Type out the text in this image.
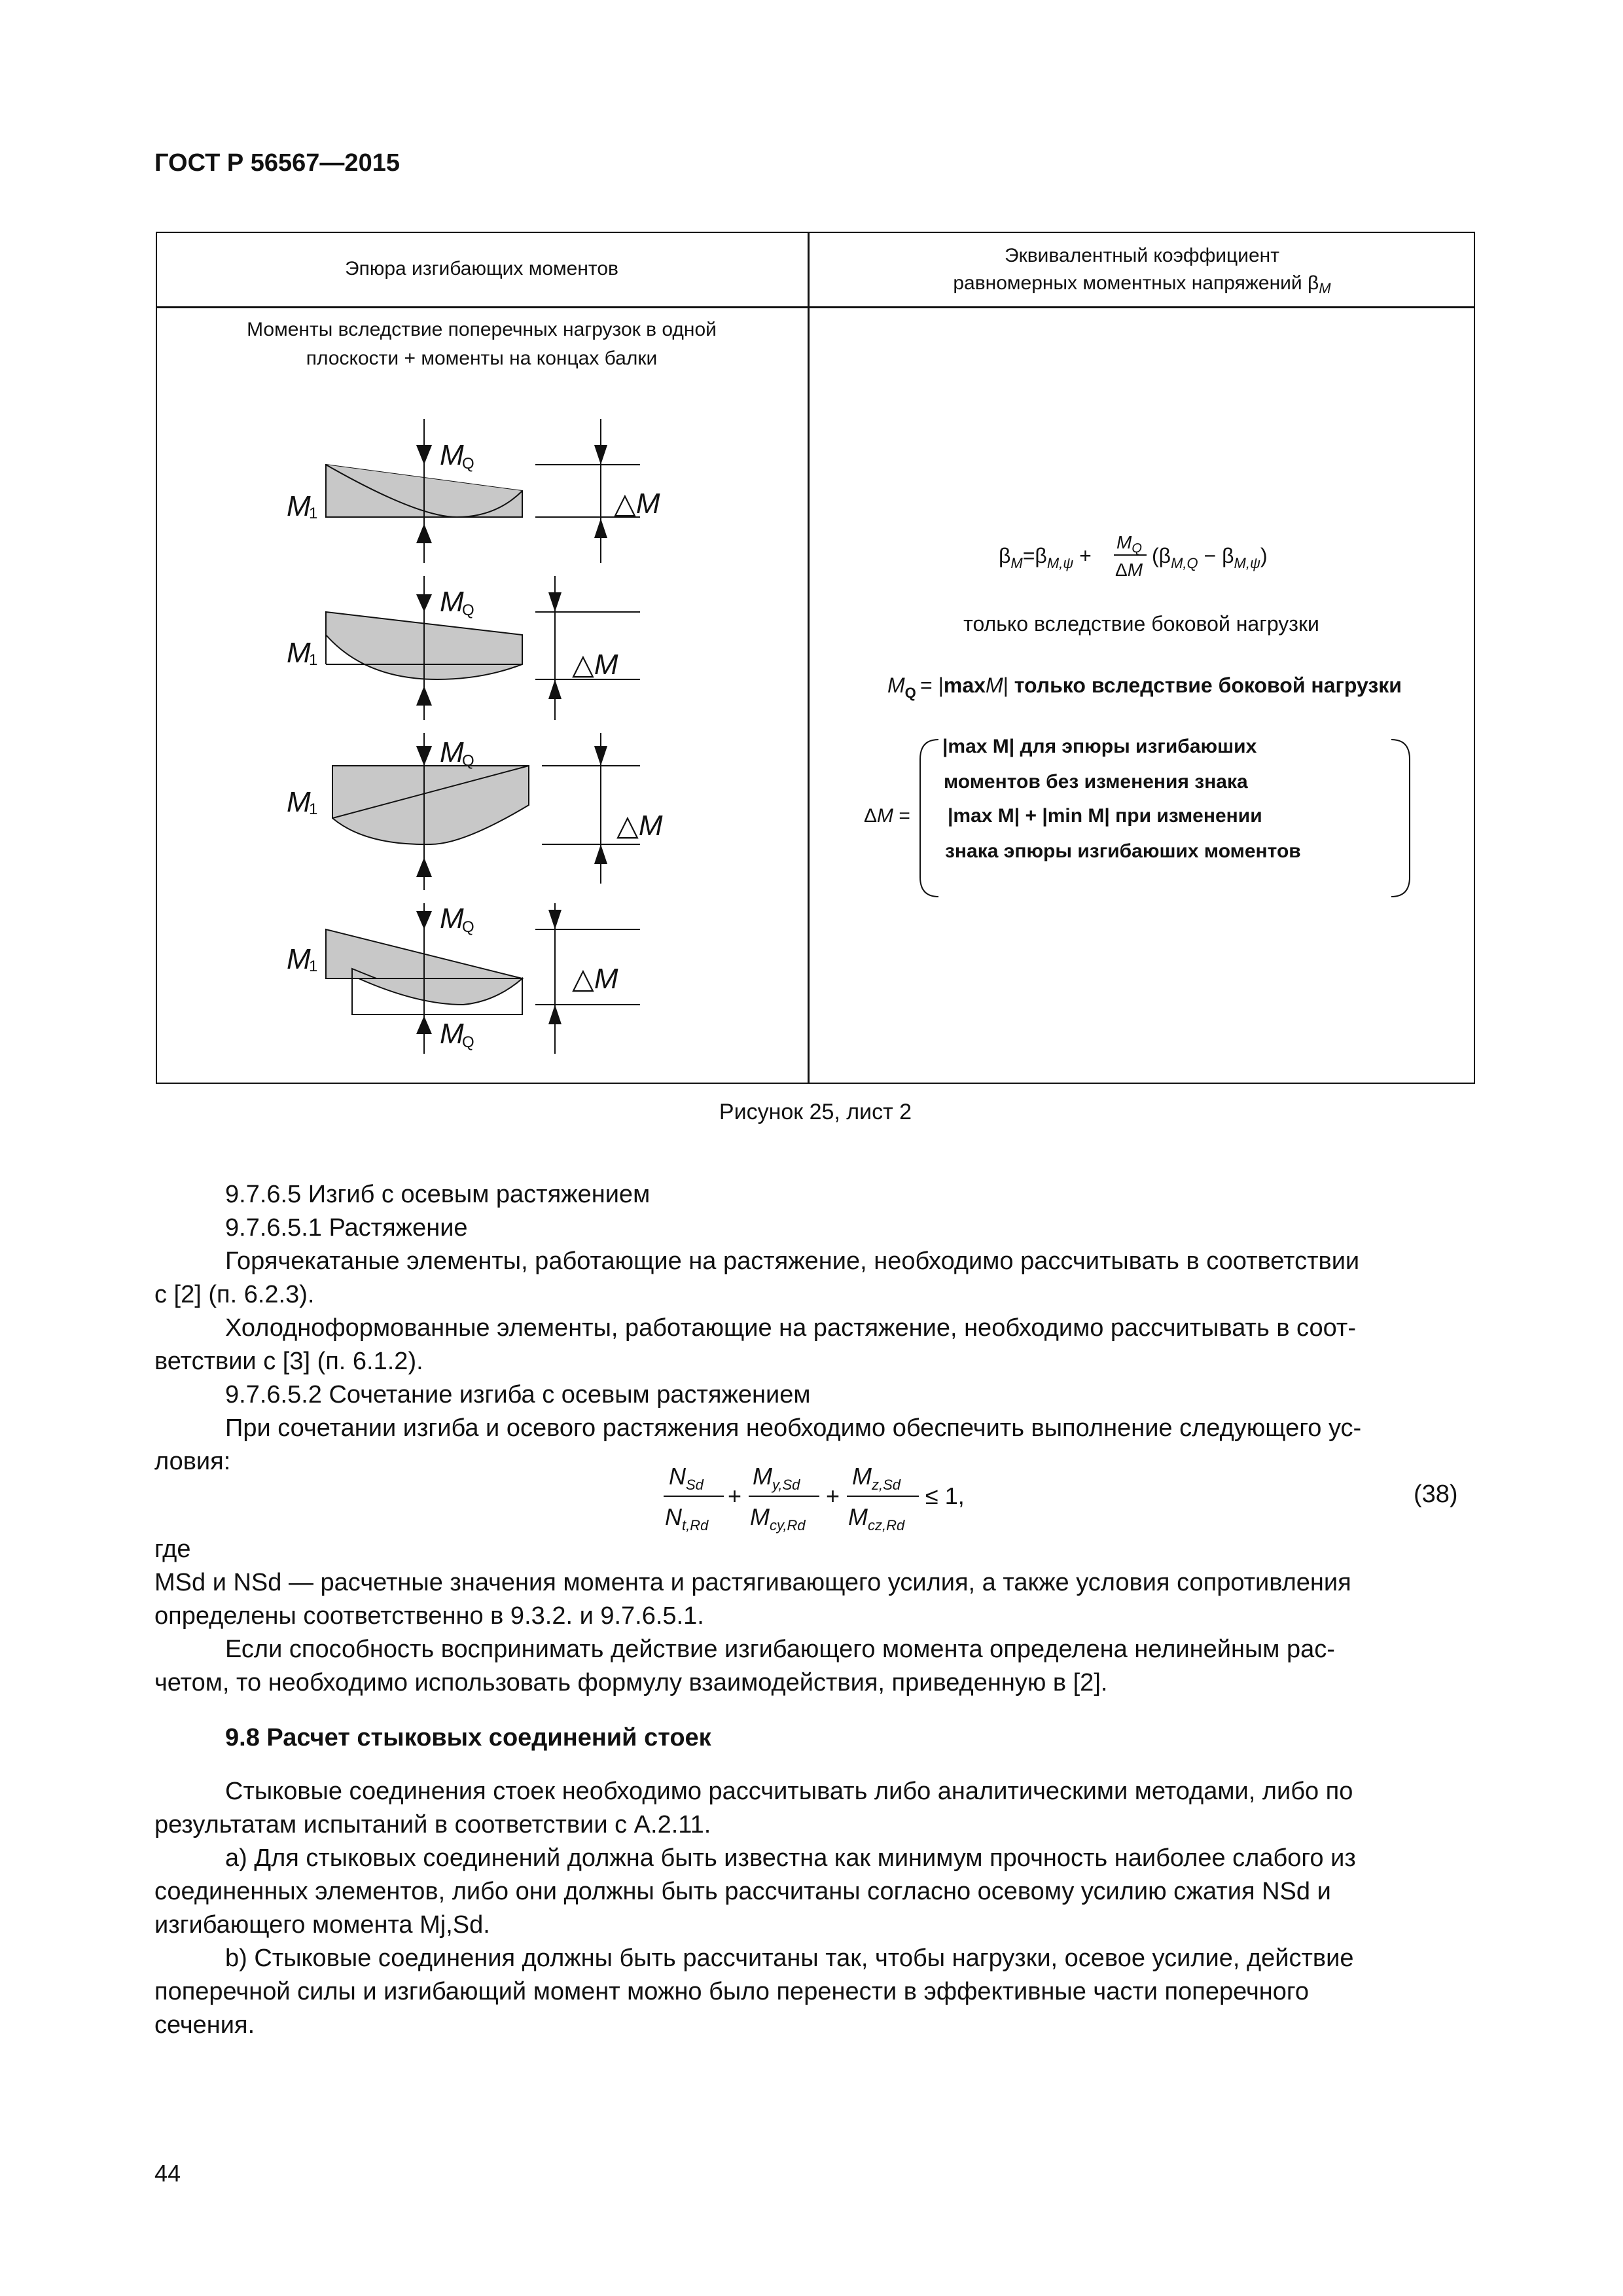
ГОСТ Р 56567—2015
Эпюра изгибающих моментов
Эквивалентный коэффициент
равномерных моментных напряжений $\beta_M$
Моменты вследствие поперечных нагрузок в одной
плоскости + моменты на концах балки
M
1
M
Q
△M
M
1
M
Q
△M
M
1
M
Q
△M
M
1
M
Q
△M
M
Q
$\beta_M=\beta_{M,\psi}$ +
$M_Q$
ΔM
$(\beta_{M,Q} - \beta_{M,\psi})$
только вследствие боковой нагрузки
$M_Q = |\max M|$ только вследствие боковой нагрузки
ΔM =
|max M| для эпюры изгибаюших
моментов без изменения знака
|max M| + |min M| при изменении
знака эпюры изгибаюших моментов
Рисунок 25, лист 2
9.7.6.5 Изгиб с осевым растяжением
9.7.6.5.1 Растяжение
Горячекатаные элементы, работающие на растяжение, необходимо рассчитывать в соответствии
с [2] (п. 6.2.3).
Холодноформованные элементы, работающие на растяжение, необходимо рассчитывать в соот-
ветствии с [3] (п. 6.1.2).
9.7.6.5.2 Сочетание изгиба с осевым растяжением
При сочетании изгиба и осевого растяжения необходимо обеспечить выполнение следующего ус-
ловия:
$N_{Sd}$
$N_{t,Rd}$
+
$M_{y,Sd}$
$M_{cy,Rd}$
+
$M_{z,Sd}$
$M_{cz,Rd}$
≤ 1,	(38)
где
MSd и NSd — расчетные значения момента и растягивающего усилия, а также условия сопротивления
определены соответственно в 9.3.2. и 9.7.6.5.1.
Если способность воспринимать действие изгибающего момента определена нелинейным рас-
четом, то необходимо использовать формулу взаимодействия, приведенную в [2].
9.8 Расчет стыковых соединений стоек
Стыковые соединения стоек необходимо рассчитывать либо аналитическими методами, либо по
результатам испытаний в соответствии с А.2.11.
а) Для стыковых соединений должна быть известна как минимум прочность наиболее слабого из
соединенных элементов, либо они должны быть рассчитаны согласно осевому усилию сжатия NSd и
изгибающего момента Mj,Sd.
b) Стыковые соединения должны быть рассчитаны так, чтобы нагрузки, осевое усилие, действие
поперечной силы и изгибающий момент можно было перенести в эффективные части поперечного
сечения.
44
